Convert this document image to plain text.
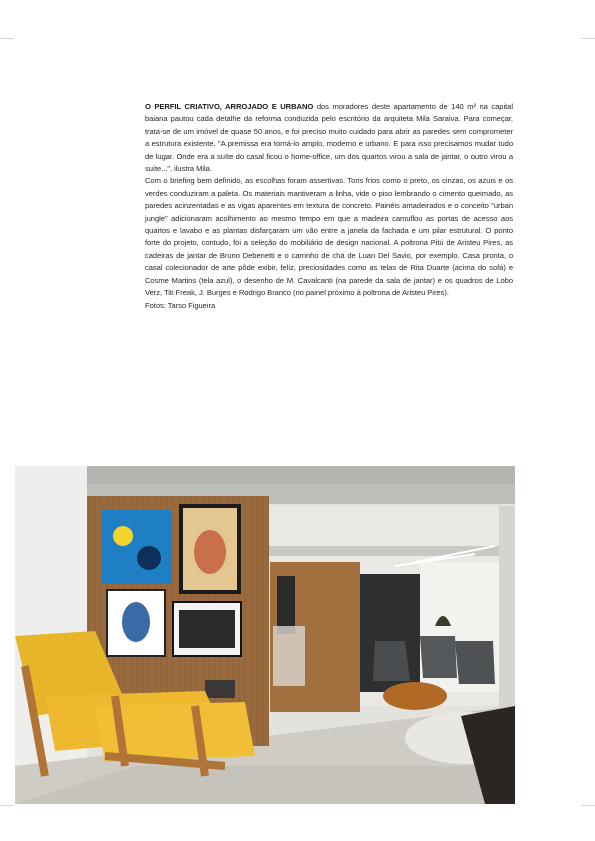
O PERFIL CRIATIVO, ARROJADO E URBANO dos moradores deste apartamento de 140 m² na capital baiana pautou cada detalhe da reforma conduzida pelo escritório da arquiteta Mila Saraiva. Para começar, trata-se de um imóvel de quase 50 anos, e foi preciso muito cuidado para abrir as paredes sem comprometer a estrutura existente. "A premissa era torná-lo amplo, moderno e urbano. E para isso precisamos mudar tudo de lugar. Onde era a suíte do casal ficou o home-office, um dos quartos virou a sala de jantar, o outro virou a suíte...", ilustra Mila.

Com o briefing bem definido, as escolhas foram assertivas. Tons frios como o preto, os cinzas, os azuis e os verdes conduziram a paleta. Os materiais mantiveram a linha, vide o piso lembrando o cimento queimado, as paredes acinzentadas e as vigas aparentes em textura de concreto. Painéis amadeirados e o conceito "urban jungle" adicionaram acolhimento ao mesmo tempo em que a madeira camuflou as portas de acesso aos quartos e lavabo e as plantas disfarçaram um vão entre a janela da fachada e um pilar estrutural. O ponto forte do projeto, contudo, foi a seleção do mobiliário de design nacional. A poltrona Pitú de Aristeu Pires, as cadeiras de jantar de Bruno Debenetti e o carrinho de chá de Luan Del Savio, por exemplo. Casa pronta, o casal colecionador de arte pôde exibir, feliz, preciosidades como as telas de Rita Duarte (acima do sofá) e Cosme Martins (tela azul), o desenho de M. Cavalcanti (na parede da sala de jantar) e os quadros de Lobo Verz, Titi Freak, J. Burges e Rodrigo Branco (no painel próximo à poltrona de Aristeu Pires).

Fotos: Tarso Figueira
